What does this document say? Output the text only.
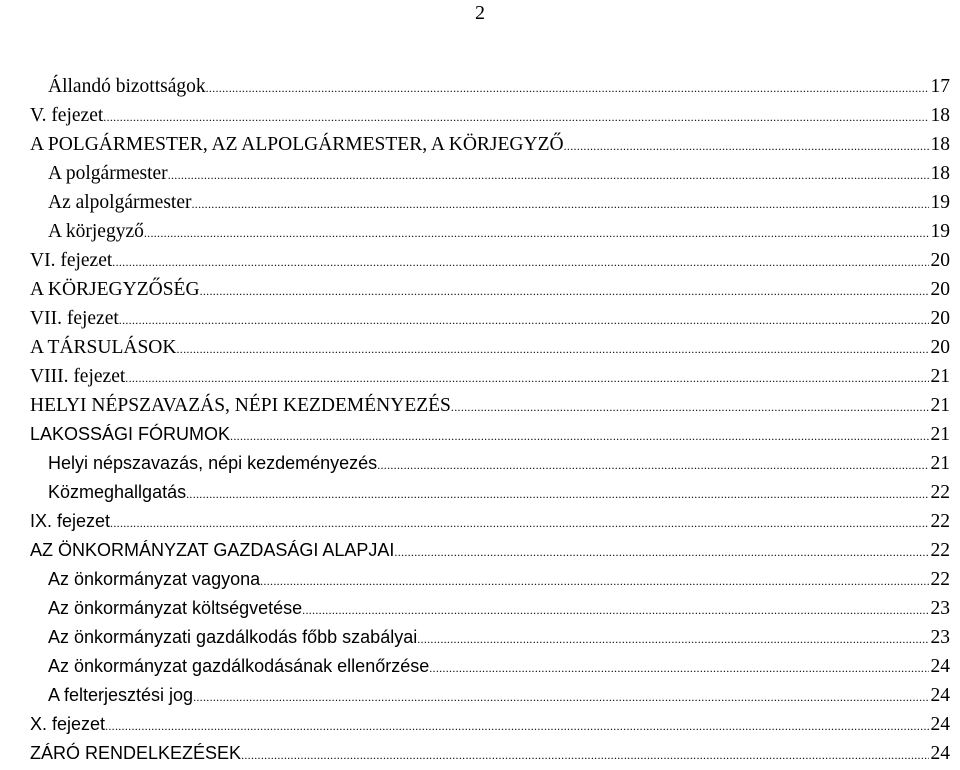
2
Állandó bizottságok .....	17
V. fejezet .....	18
A POLGÁRMESTER, AZ ALPOLGÁRMESTER, A KÖRJEGYZŐ .....	18
A polgármester .....	18
Az alpolgármester .....	19
A körjegyző .....	19
VI. fejezet .....	20
A KÖRJEGYZŐSÉG .....	20
VII. fejezet .....	20
A TÁRSULÁSOK .....	20
VIII. fejezet .....	21
HELYI NÉPSZAVAZÁS, NÉPI KEZDEMÉNYEZÉS .....	21
LAKOSSÁGI FÓRUMOK .....	21
Helyi népszavazás, népi kezdeményezés .....	21
Közmeghallgatás .....	22
IX. fejezet .....	22
AZ ÖNKORMÁNYZAT GAZDASÁGI ALAPJAI .....	22
Az önkormányzat vagyona .....	22
Az önkormányzat költségvetése .....	23
Az önkormányzati gazdálkodás főbb szabályai .....	23
Az önkormányzat gazdálkodásának ellenőrzése .....	24
A felterjesztési jog .....	24
X. fejezet .....	24
ZÁRÓ RENDELKEZÉSEK .....	24
